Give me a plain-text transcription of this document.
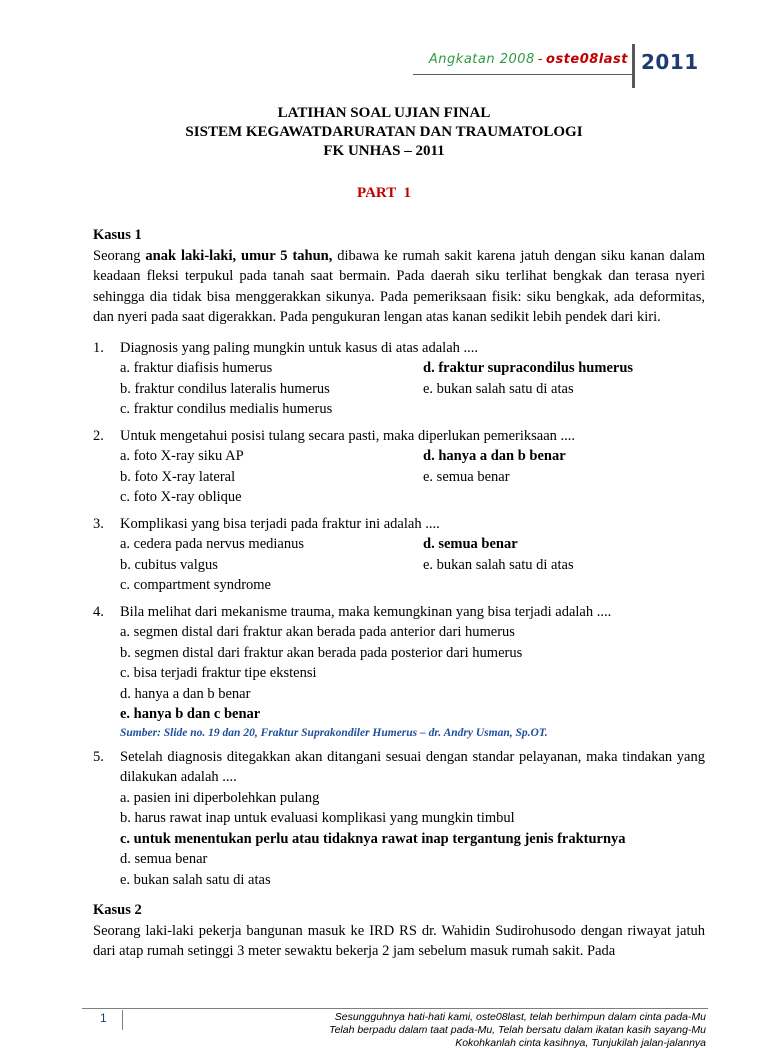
Angkatan 2008 - oste08last 2011
LATIHAN SOAL UJIAN FINAL
SISTEM KEGAWATDARURATAN DAN TRAUMATOLOGI
FK UNHAS – 2011
PART  1
Kasus 1
Seorang anak laki-laki, umur 5 tahun, dibawa ke rumah sakit karena jatuh dengan siku kanan dalam keadaan fleksi terpukul pada tanah saat bermain. Pada daerah siku terlihat bengkak dan terasa nyeri sehingga dia tidak bisa menggerakkan sikunya. Pada pemeriksaan fisik: siku bengkak, ada deformitas, dan nyeri pada saat digerakkan. Pada pengukuran lengan atas kanan sedikit lebih pendek dari kiri.
1. Diagnosis yang paling mungkin untuk kasus di atas adalah ....
a. fraktur diafisis humerus	d. fraktur supracondilus humerus
b. fraktur condilus lateralis humerus	e. bukan salah satu di atas
c. fraktur condilus medialis humerus
2. Untuk mengetahui posisi tulang secara pasti, maka diperlukan pemeriksaan ....
a. foto X-ray siku AP	d. hanya a dan b benar
b. foto X-ray lateral	e. semua benar
c. foto X-ray oblique
3. Komplikasi yang bisa terjadi pada fraktur ini adalah ....
a. cedera pada nervus medianus	d. semua benar
b. cubitus valgus	e. bukan salah satu di atas
c. compartment syndrome
4. Bila melihat dari mekanisme trauma, maka kemungkinan yang bisa terjadi adalah ....
a. segmen distal dari fraktur akan berada pada anterior dari humerus
b. segmen distal dari fraktur akan berada pada posterior dari humerus
c. bisa terjadi fraktur tipe ekstensi
d. hanya a dan b benar
e. hanya b dan c benar
Sumber: Slide no. 19 dan 20, Fraktur Suprakondiler Humerus – dr. Andry Usman, Sp.OT.
5. Setelah diagnosis ditegakkan akan ditangani sesuai dengan standar pelayanan, maka tindakan yang dilakukan adalah ....
a. pasien ini diperbolehkan pulang
b. harus rawat inap untuk evaluasi komplikasi yang mungkin timbul
c. untuk menentukan perlu atau tidaknya rawat inap tergantung jenis frakturnya
d. semua benar
e. bukan salah satu di atas
Kasus 2
Seorang laki-laki pekerja bangunan masuk ke IRD RS dr. Wahidin Sudirohusodo dengan riwayat jatuh dari atap rumah setinggi 3 meter sewaktu bekerja 2 jam sebelum masuk rumah sakit. Pada
1	Sesungguhnya hati-hati kami, oste08last, telah berhimpun dalam cinta pada-Mu
Telah berpadu dalam taat pada-Mu, Telah bersatu dalam ikatan kasih sayang-Mu
Kokohkanlah cinta kasihnya, Tunjukilah jalan-jalannya
